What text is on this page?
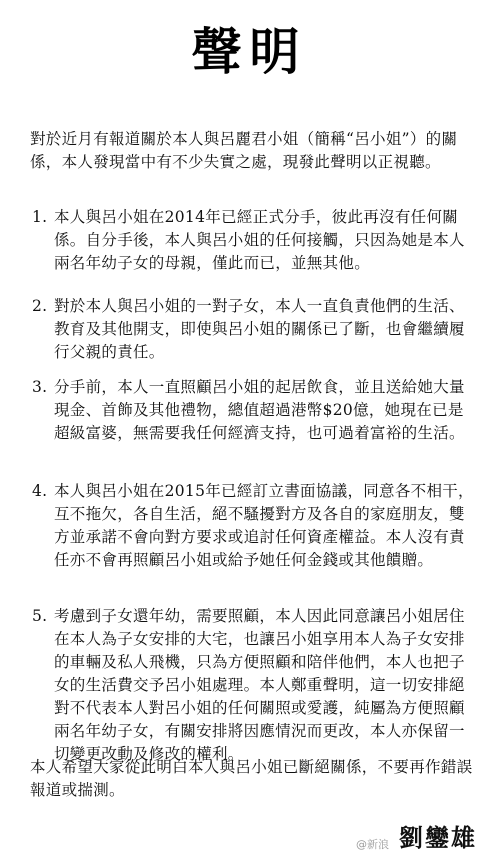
聲明
對於近月有報道關於本人與呂麗君小姐（簡稱“呂小姐”）的關係，本人發現當中有不少失實之處，現發此聲明以正視聽。
1. 本人與呂小姐在2014年已經正式分手，彼此再沒有任何關係。自分手後，本人與呂小姐的任何接觸，只因為她是本人兩名年幼子女的母親，僅此而已，並無其他。
2. 對於本人與呂小姐的一對子女，本人一直負責他們的生活、教育及其他開支，即使與呂小姐的關係已了斷，也會繼續履行父親的責任。
3. 分手前，本人一直照顧呂小姐的起居飲食，並且送給她大量現金、首飾及其他禮物，總值超過港幣$20億，她現在已是超級富婆，無需要我任何經濟支持，也可過着富裕的生活。
4. 本人與呂小姐在2015年已經訂立書面協議，同意各不相干，互不拖欠，各自生活，絕不騷擾對方及各自的家庭朋友，雙方並承諾不會向對方要求或追討任何資產權益。本人沒有責任亦不會再照顧呂小姐或給予她任何金錢或其他饋贈。
5. 考慮到子女還年幼，需要照顧，本人因此同意讓呂小姐居住在本人為子女安排的大宅，也讓呂小姐享用本人為子女安排的車輛及私人飛機，只為方便照顧和陪伴他們，本人也把子女的生活費交予呂小姐處理。本人鄭重聲明，這一切安排絕對不代表本人對呂小姐的任何關照或愛護，純屬為方便照顧兩名年幼子女，有關安排將因應情況而更改，本人亦保留一切變更改動及修改的權利。
本人希望大家從此明白本人與呂小姐已斷絕關係，不要再作錯誤報道或揣測。
@新浪 劉鑾雄
